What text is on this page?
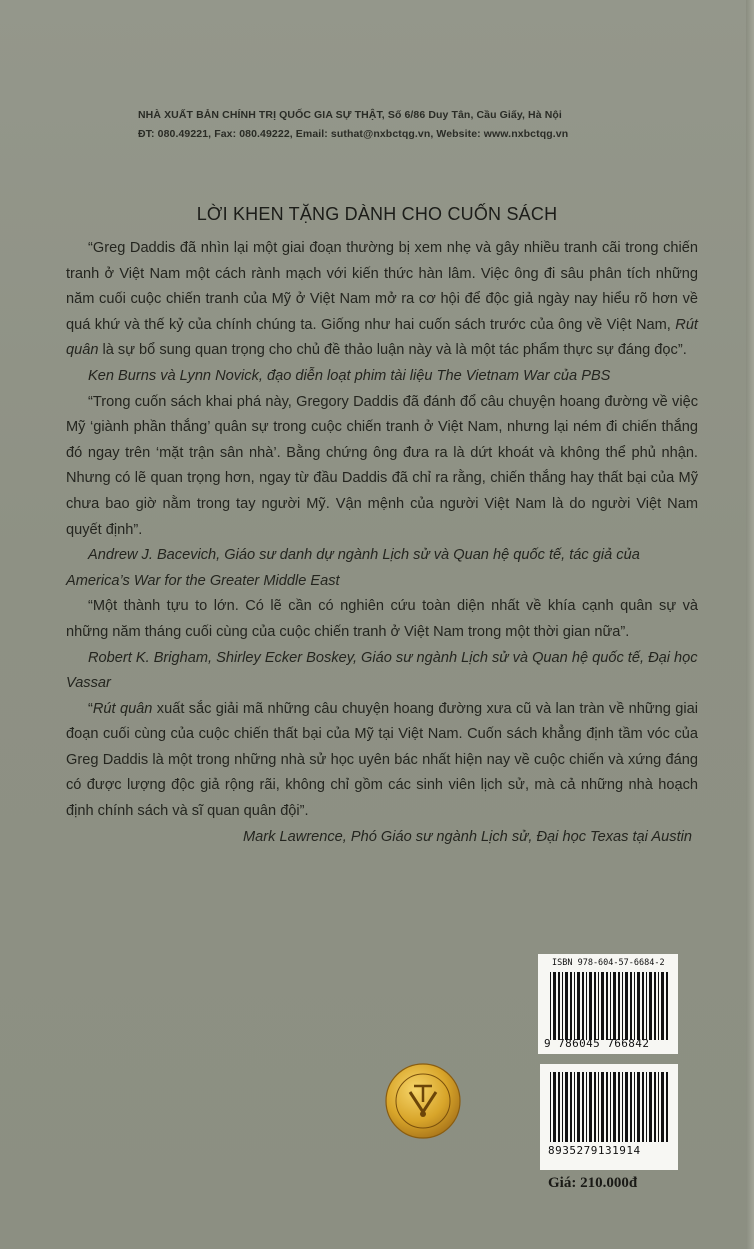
NHÀ XUẤT BẢN CHÍNH TRỊ QUỐC GIA SỰ THẬT, Số 6/86 Duy Tân, Cầu Giấy, Hà Nội
ĐT: 080.49221, Fax: 080.49222, Email: suthat@nxbctqg.vn, Website: www.nxbctqg.vn
LỜI KHEN TẶNG DÀNH CHO CUỐN SÁCH

“Greg Daddis đã nhìn lại một giai đoạn thường bị xem nhẹ và gây nhiều tranh cãi trong chiến tranh ở Việt Nam một cách rành mạch với kiến thức hàn lâm. Việc ông đi sâu phân tích những năm cuối cuộc chiến tranh của Mỹ ở Việt Nam mở ra cơ hội để độc giả ngày nay hiểu rõ hơn về quá khứ và thế kỷ của chính chúng ta. Giống như hai cuốn sách trước của ông về Việt Nam, Rút quân là sự bổ sung quan trọng cho chủ đề thảo luận này và là một tác phẩm thực sự đáng đọc”.

Ken Burns và Lynn Novick, đạo diễn loạt phim tài liệu The Vietnam War của PBS

“Trong cuốn sách khai phá này, Gregory Daddis đã đánh đổ câu chuyện hoang đường về việc Mỹ ‘giành phần thắng’ quân sự trong cuộc chiến tranh ở Việt Nam, nhưng lại ném đi chiến thắng đó ngay trên ‘mặt trận sân nhà’. Bằng chứng ông đưa ra là dứt khoát và không thể phủ nhận. Nhưng có lẽ quan trọng hơn, ngay từ đầu Daddis đã chỉ ra rằng, chiến thắng hay thất bại của Mỹ chưa bao giờ nằm trong tay người Mỹ. Vận mệnh của người Việt Nam là do người Việt Nam quyết định”.

Andrew J. Bacevich, Giáo sư danh dự ngành Lịch sử và Quan hệ quốc tế, tác giả của America’s War for the Greater Middle East

“Một thành tựu to lớn. Có lẽ cần có nghiên cứu toàn diện nhất về khía cạnh quân sự và những năm tháng cuối cùng của cuộc chiến tranh ở Việt Nam trong một thời gian nữa”.

Robert K. Brigham, Shirley Ecker Boskey, Giáo sư ngành Lịch sử và Quan hệ quốc tế, Đại học Vassar

“Rút quân xuất sắc giải mã những câu chuyện hoang đường xưa cũ và lan tràn về những giai đoạn cuối cùng của cuộc chiến thất bại của Mỹ tại Việt Nam. Cuốn sách khẳng định tầm vóc của Greg Daddis là một trong những nhà sử học uyên bác nhất hiện nay về cuộc chiến và xứng đáng có được lượng độc giả rộng rãi, không chỉ gồm các sinh viên lịch sử, mà cả những nhà hoạch định chính sách và sĩ quan quân đội”.

Mark Lawrence, Phó Giáo sư ngành Lịch sử, Đại học Texas tại Austin

ISBN 978-604-57-6684-2
9 786045 766842
8935279131914
Giá: 210.000đ
